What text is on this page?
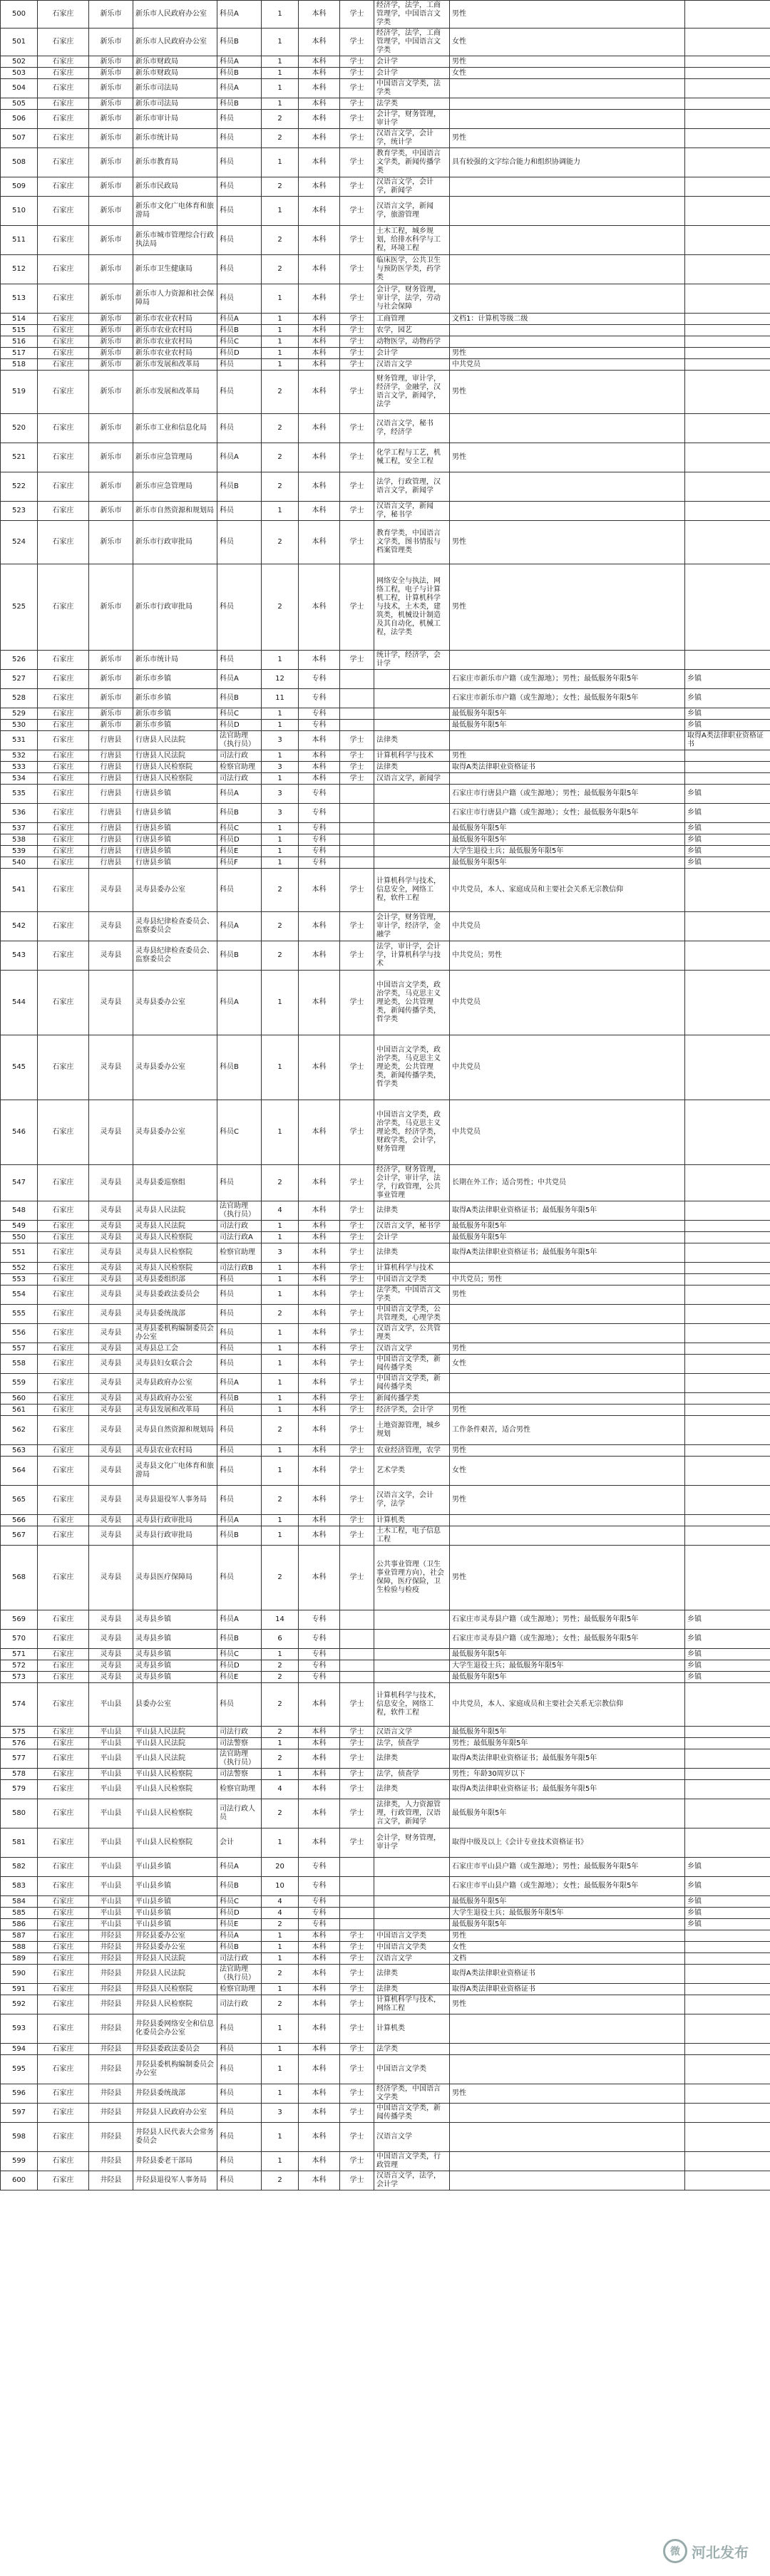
500	石家庄	新乐市	新乐市人民政府办公室	科员A	1	本科	学士	经济学，法学，工商管理学，中国语言文学类	男性	
501	石家庄	新乐市	新乐市人民政府办公室	科员B	1	本科	学士	经济学，法学，工商管理学，中国语言文学类	女性	
502	石家庄	新乐市	新乐市财政局	科员A	1	本科	学士	会计学	男性	
503	石家庄	新乐市	新乐市财政局	科员B	1	本科	学士	会计学	女性	
504	石家庄	新乐市	新乐市司法局	科员A	1	本科	学士	中国语言文学类，法学类		
505	石家庄	新乐市	新乐市司法局	科员B	1	本科	学士	法学类		
506	石家庄	新乐市	新乐市审计局	科员	2	本科	学士	会计学，财务管理，审计学		
507	石家庄	新乐市	新乐市统计局	科员	2	本科	学士	汉语言文学，会计学，统计学	男性	
508	石家庄	新乐市	新乐市教育局	科员	1	本科	学士	教育学类，中国语言文学类，新闻传播学类	具有较强的文字综合能力和组织协调能力	
509	石家庄	新乐市	新乐市民政局	科员	2	本科	学士	汉语言文学，会计学，新闻学		
510	石家庄	新乐市	新乐市文化广电体育和旅游局	科员	1	本科	学士	汉语言文学，新闻学，旅游管理		
511	石家庄	新乐市	新乐市城市管理综合行政执法局	科员	2	本科	学士	土木工程，城乡规划，给排水科学与工程，环境工程		
512	石家庄	新乐市	新乐市卫生健康局	科员	2	本科	学士	临床医学，公共卫生与预防医学类，药学类		
513	石家庄	新乐市	新乐市人力资源和社会保障局	科员	1	本科	学士	会计学，财务管理，审计学，法学，劳动与社会保障		
514	石家庄	新乐市	新乐市农业农村局	科员A	1	本科	学士	工商管理	文档1：计算机等级二级	
515	石家庄	新乐市	新乐市农业农村局	科员B	1	本科	学士	农学，园艺		
516	石家庄	新乐市	新乐市农业农村局	科员C	1	本科	学士	动物医学，动物药学		
517	石家庄	新乐市	新乐市农业农村局	科员D	1	本科	学士	会计学	男性	
518	石家庄	新乐市	新乐市发展和改革局	科员	1	本科	学士	汉语言文学	中共党员	
519	石家庄	新乐市	新乐市发展和改革局	科员	2	本科	学士	财务管理，审计学，经济学，金融学，汉语言文学，新闻学，法学	男性	
520	石家庄	新乐市	新乐市工业和信息化局	科员	2	本科	学士	汉语言文学，秘书学，经济学		
521	石家庄	新乐市	新乐市应急管理局	科员A	2	本科	学士	化学工程与工艺，机械工程，安全工程	男性	
522	石家庄	新乐市	新乐市应急管理局	科员B	2	本科	学士	法学，行政管理，汉语言文学，新闻学		
523	石家庄	新乐市	新乐市自然资源和规划局	科员	1	本科	学士	汉语言文学，新闻学，秘书学		
524	石家庄	新乐市	新乐市行政审批局	科员	2	本科	学士	教育学类，中国语言文学类，图书情报与档案管理类	男性	
525	石家庄	新乐市	新乐市行政审批局	科员	2	本科	学士	网络安全与执法，网络工程，电子与计算机工程，计算机科学与技术，土木类，建筑类，机械设计制造及其自动化，机械工程，法学类	男性	
526	石家庄	新乐市	新乐市统计局	科员	1	本科	学士	统计学，经济学，会计学		
527	石家庄	新乐市	新乐市乡镇	科员A	12	专科			石家庄市新乐市户籍（或生源地）；男性；最低服务年限5年	乡镇
528	石家庄	新乐市	新乐市乡镇	科员B	11	专科			石家庄市新乐市户籍（或生源地）；女性；最低服务年限5年	乡镇
529	石家庄	新乐市	新乐市乡镇	科员C	1	专科			最低服务年限5年	乡镇
530	石家庄	新乐市	新乐市乡镇	科员D	1	专科			最低服务年限5年	乡镇
531	石家庄	行唐县	行唐县人民法院	法官助理（执行员）	3	本科	学士	法律类		取得A类法律职业资格证书
532	石家庄	行唐县	行唐县人民法院	司法行政	1	本科	学士	计算机科学与技术	男性	
533	石家庄	行唐县	行唐县人民检察院	检察官助理	3	本科	学士	法律类	取得A类法律职业资格证书	
534	石家庄	行唐县	行唐县人民检察院	司法行政	1	本科	学士	汉语言文学，新闻学		
535	石家庄	行唐县	行唐县乡镇	科员A	3	专科			石家庄市行唐县户籍（或生源地）；男性；最低服务年限5年	乡镇
536	石家庄	行唐县	行唐县乡镇	科员B	3	专科			石家庄市行唐县户籍（或生源地）；女性；最低服务年限5年	乡镇
537	石家庄	行唐县	行唐县乡镇	科员C	1	专科			最低服务年限5年	乡镇
538	石家庄	行唐县	行唐县乡镇	科员D	1	专科			最低服务年限5年	乡镇
539	石家庄	行唐县	行唐县乡镇	科员E	1	专科			大学生退役士兵；最低服务年限5年	乡镇
540	石家庄	行唐县	行唐县乡镇	科员F	1	专科			最低服务年限5年	乡镇
541	石家庄	灵寿县	灵寿县委办公室	科员	2	本科	学士	计算机科学与技术，信息安全，网络工程，软件工程	中共党员，本人、家庭成员和主要社会关系无宗教信仰	
542	石家庄	灵寿县	灵寿县纪律检查委员会、监察委员会	科员A	2	本科	学士	会计学，财务管理，审计学，经济学，金融学	中共党员	
543	石家庄	灵寿县	灵寿县纪律检查委员会、监察委员会	科员B	2	本科	学士	法学，审计学，会计学，计算机科学与技术	中共党员；男性	
544	石家庄	灵寿县	灵寿县委办公室	科员A	1	本科	学士	中国语言文学类，政治学类，马克思主义理论类，公共管理类，新闻传播学类，哲学类	中共党员	
545	石家庄	灵寿县	灵寿县委办公室	科员B	1	本科	学士	中国语言文学类，政治学类，马克思主义理论类，公共管理类，新闻传播学类，哲学类	中共党员	
546	石家庄	灵寿县	灵寿县委办公室	科员C	1	本科	学士	中国语言文学类，政治学类，马克思主义理论类，经济学类，财政学类，会计学，财务管理	中共党员	
547	石家庄	灵寿县	灵寿县委巡察组	科员	2	本科	学士	经济学，财务管理，会计学，审计学，法学，行政管理，公共事业管理	长期在外工作；适合男性；中共党员	
548	石家庄	灵寿县	灵寿县人民法院	法官助理（执行员）	4	本科	学士	法律类	取得A类法律职业资格证书；最低服务年限5年	
549	石家庄	灵寿县	灵寿县人民法院	司法行政	1	本科	学士	汉语言文学，秘书学	最低服务年限5年	
550	石家庄	灵寿县	灵寿县人民检察院	司法行政A	1	本科	学士	会计学	最低服务年限5年	
551	石家庄	灵寿县	灵寿县人民检察院	检察官助理	3	本科	学士	法律类	取得A类法律职业资格证书；最低服务年限5年	
552	石家庄	灵寿县	灵寿县人民检察院	司法行政B	1	本科	学士	计算机科学与技术		
553	石家庄	灵寿县	灵寿县委组织部	科员	1	本科	学士	中国语言文学类	中共党员；男性	
554	石家庄	灵寿县	灵寿县委政法委员会	科员	1	本科	学士	法学类，中国语言文学类	男性	
555	石家庄	灵寿县	灵寿县委统战部	科员	2	本科	学士	中国语言文学类，公共管理类，心理学类		
556	石家庄	灵寿县	灵寿县委机构编制委员会办公室	科员	1	本科	学士	汉语言文学，公共管理类		
557	石家庄	灵寿县	灵寿县总工会	科员	1	本科	学士	汉语言文学	男性	
558	石家庄	灵寿县	灵寿县妇女联合会	科员	1	本科	学士	中国语言文学类，新闻传播学类	女性	
559	石家庄	灵寿县	灵寿县政府办公室	科员A	1	本科	学士	中国语言文学类，新闻传播学类		
560	石家庄	灵寿县	灵寿县政府办公室	科员B	1	本科	学士	新闻传播学类		
561	石家庄	灵寿县	灵寿县发展和改革局	科员	1	本科	学士	经济学类，会计学	男性	
562	石家庄	灵寿县	灵寿县自然资源和规划局	科员	2	本科	学士	土地资源管理，城乡规划	工作条件艰苦，适合男性	
563	石家庄	灵寿县	灵寿县农业农村局	科员	1	本科	学士	农业经济管理，农学	男性	
564	石家庄	灵寿县	灵寿县文化广电体育和旅游局	科员	1	本科	学士	艺术学类	女性	
565	石家庄	灵寿县	灵寿县退役军人事务局	科员	2	本科	学士	汉语言文学，会计学，法学	男性	
566	石家庄	灵寿县	灵寿县行政审批局	科员A	1	本科	学士	计算机类		
567	石家庄	灵寿县	灵寿县行政审批局	科员B	1	本科	学士	土木工程，电子信息工程		
568	石家庄	灵寿县	灵寿县医疗保障局	科员	2	本科	学士	公共事业管理（卫生事业管理方向），社会保障，医疗保险，卫生检验与检疫	男性	
569	石家庄	灵寿县	灵寿县乡镇	科员A	14	专科			石家庄市灵寿县户籍（或生源地）；男性；最低服务年限5年	乡镇
570	石家庄	灵寿县	灵寿县乡镇	科员B	6	专科			石家庄市灵寿县户籍（或生源地）；女性；最低服务年限5年	乡镇
571	石家庄	灵寿县	灵寿县乡镇	科员C	1	专科			最低服务年限5年	乡镇
572	石家庄	灵寿县	灵寿县乡镇	科员D	2	专科			大学生退役士兵；最低服务年限5年	乡镇
573	石家庄	灵寿县	灵寿县乡镇	科员E	2	专科			最低服务年限5年	乡镇
574	石家庄	平山县	县委办公室	科员	2	本科	学士	计算机科学与技术，信息安全，网络工程，软件工程	中共党员，本人、家庭成员和主要社会关系无宗教信仰	
575	石家庄	平山县	平山县人民法院	司法行政	2	本科	学士	汉语言文学	最低服务年限5年	
576	石家庄	平山县	平山县人民法院	司法警察	1	本科	学士	法学，侦查学	男性；最低服务年限5年	
577	石家庄	平山县	平山县人民法院	法官助理（执行员）	2	本科	学士	法律类	取得A类法律职业资格证书；最低服务年限5年	
578	石家庄	平山县	平山县人民检察院	司法警察	1	本科	学士	法学，侦查学	男性；年龄30周岁以下	
579	石家庄	平山县	平山县人民检察院	检察官助理	4	本科	学士	法律类	取得A类法律职业资格证书；最低服务年限5年	
580	石家庄	平山县	平山县人民检察院	司法行政人员	2	本科	学士	法律类，人力资源管理，行政管理，汉语言文学，新闻学	最低服务年限5年	
581	石家庄	平山县	平山县人民检察院	会计	1	本科	学士	会计学，财务管理，审计学	取得中级及以上《会计专业技术资格证书》	
582	石家庄	平山县	平山县乡镇	科员A	20	专科			石家庄市平山县户籍（或生源地）；男性；最低服务年限5年	乡镇
583	石家庄	平山县	平山县乡镇	科员B	10	专科			石家庄市平山县户籍（或生源地）；女性；最低服务年限5年	乡镇
584	石家庄	平山县	平山县乡镇	科员C	4	专科			最低服务年限5年	乡镇
585	石家庄	平山县	平山县乡镇	科员D	4	专科			大学生退役士兵；最低服务年限5年	乡镇
586	石家庄	平山县	平山县乡镇	科员E	2	专科			最低服务年限5年	乡镇
587	石家庄	井陉县	井陉县委办公室	科员A	1	本科	学士	中国语言文学类	男性	
588	石家庄	井陉县	井陉县委办公室	科员B	1	本科	学士	中国语言文学类	女性	
589	石家庄	井陉县	井陉县人民法院	司法行政	1	本科	学士	汉语言文学	文档	
590	石家庄	井陉县	井陉县人民法院	法官助理（执行员）	2	本科	学士	法律类	取得A类法律职业资格证书	
591	石家庄	井陉县	井陉县人民检察院	检察官助理	1	本科	学士	法律类	取得A类法律职业资格证书	
592	石家庄	井陉县	井陉县人民检察院	司法行政	2	本科	学士	计算机科学与技术，网络工程	男性	
593	石家庄	井陉县	井陉县委网络安全和信息化委员会办公室	科员	1	本科	学士	计算机类		
594	石家庄	井陉县	井陉县委政法委员会	科员	1	本科	学士	法学类		
595	石家庄	井陉县	井陉县委机构编制委员会办公室	科员	1	本科	学士	中国语言文学类		
596	石家庄	井陉县	井陉县委统战部	科员	1	本科	学士	经济学类，中国语言文学类	男性	
597	石家庄	井陉县	井陉县人民政府办公室	科员	3	本科	学士	中国语言文学类，新闻传播学类		
598	石家庄	井陉县	井陉县人民代表大会常务委员会	科员	1	本科	学士	汉语言文学		
599	石家庄	井陉县	井陉县委老干部局	科员	1	本科	学士	中国语言文学类，行政管理		
600	石家庄	井陉县	井陉县退役军人事务局	科员	2	本科	学士	汉语言文学，法学，会计学		
微 河北发布
